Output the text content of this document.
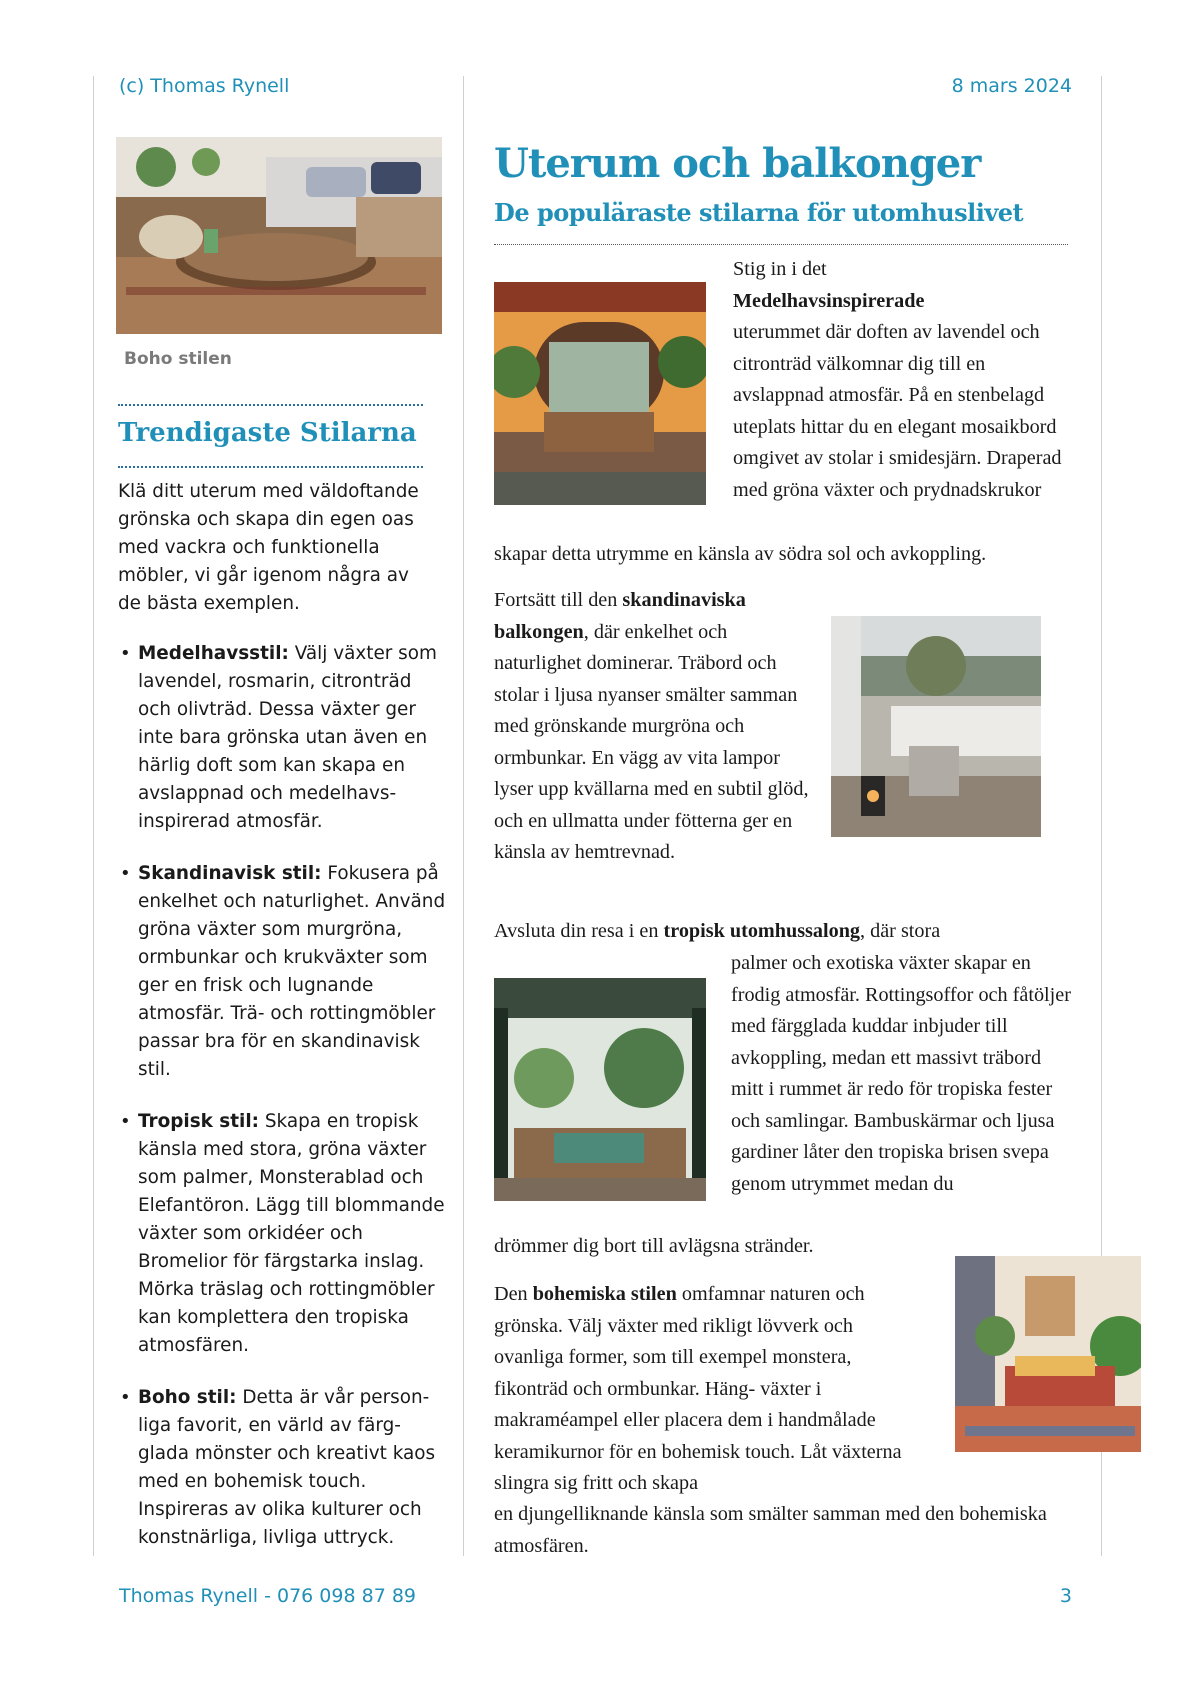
(c) Thomas Rynell	8 mars 2024
Boho stilen
Trendigaste Stilarna
Klä ditt uterum med väldoftande grönska och skapa din egen oas med vackra och funktionella möbler, vi går igenom några av de bästa exemplen.
• Medelhavsstil: Välj växter som lavendel, rosmarin, citronträd och olivträd. Dessa växter ger inte bara grönska utan även en härlig doft som kan skapa en avslappnad och medelhavs- inspirerad atmosfär.
• Skandinavisk stil: Fokusera på enkelhet och naturlighet. Använd gröna växter som murgröna, ormbunkar och krukväxter som ger en frisk och lugnande atmosfär. Trä- och rottingmöbler passar bra för en skandinavisk stil.
• Tropisk stil: Skapa en tropisk känsla med stora, gröna växter som palmer, Monsterablad och Elefantöron. Lägg till blommande växter som orkidéer och Bromelior för färgstarka inslag. Mörka träslag och rottingmöbler kan komplettera den tropiska atmosfären.
• Boho stil: Detta är vår person- liga favorit, en värld av färg- glada mönster och kreativt kaos med en bohemisk touch. Inspireras av olika kulturer och konstnärliga, livliga uttryck.
Uterum och balkonger
De populäraste stilarna för utomhuslivet
Stig in i det
Medelhavsinspirerade
uterummet där doften av lavendel och citronträd välkomnar dig till en avslappnad atmosfär. På en stenbelagd uteplats hittar du en elegant mosaikbord omgivet av stolar i smidesjärn. Draperad med gröna växter och prydnadskrukor
skapar detta utrymme en känsla av södra sol och avkoppling.
Fortsätt till den skandinaviska balkongen, där enkelhet och naturlighet dominerar. Träbord och stolar i ljusa nyanser smälter samman med grönskande murgröna och ormbunkar. En vägg av vita lampor lyser upp kvällarna med en subtil glöd, och en ullmatta under fötterna ger en känsla av hemtrevnad.
Avsluta din resa i en tropisk utomhussalong, där stora
palmer och exotiska växter skapar en frodig atmosfär. Rottingsoffor och fåtöljer med färgglada kuddar inbjuder till avkoppling, medan ett massivt träbord mitt i rummet är redo för tropiska fester och samlingar. Bambuskärmar och ljusa gardiner låter den tropiska brisen svepa genom utrymmet medan du
drömmer dig bort till avlägsna stränder.
Den bohemiska stilen omfamnar naturen och grönska. Välj växter med rikligt lövverk och ovanliga former, som till exempel monstera, fikonträd och ormbunkar. Häng- växter i makraméampel eller placera dem i handmålade keramikurnor för en bohemisk touch. Låt växterna slingra sig fritt och skapa
en djungelliknande känsla som smälter samman med den bohemiska atmosfären.
Thomas Rynell - 076 098 87 89	3
